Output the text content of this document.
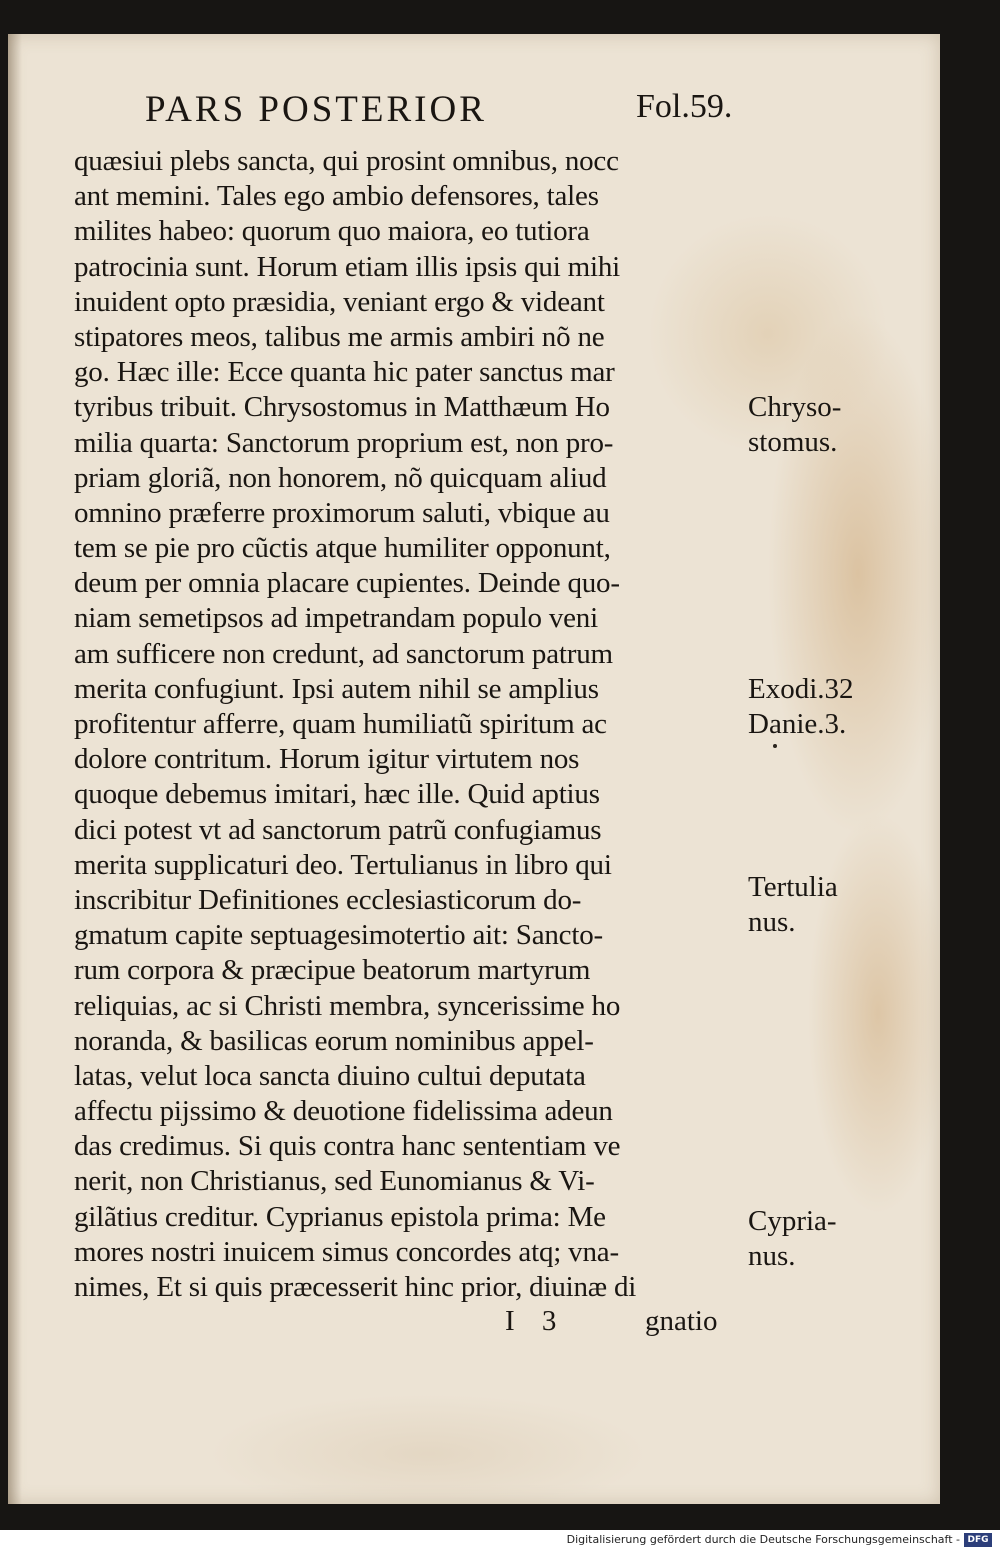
PARS POSTERIOR	Fol.59.
quæsiui plebs sancta, qui prosint omnibus, nocc
ant memini. Tales ego ambio defensores, tales
milites habeo: quorum quo maiora, eo tutiora
patrocinia sunt. Horum etiam illis ipsis qui mihi
inuident opto præsidia, veniant ergo & videant
stipatores meos, talibus me armis ambiri nõ ne
go. Hæc ille: Ecce quanta hic pater sanctus mar
tyribus tribuit. Chrysostomus in Matthæum Ho
milia quarta: Sanctorum proprium est, non pro-
priam gloriã, non honorem, nõ quicquam aliud
omnino præferre proximorum saluti, vbique au
tem se pie pro cũctis atque humiliter opponunt,
deum per omnia placare cupientes. Deinde quo-
niam semetipsos ad impetrandam populo veni
am sufficere non credunt, ad sanctorum patrum
merita confugiunt. Ipsi autem nihil se amplius
profitentur afferre, quam humiliatũ spiritum ac
dolore contritum. Horum igitur virtutem nos
quoque debemus imitari, hæc ille. Quid aptius
dici potest vt ad sanctorum patrũ confugiamus
merita supplicaturi deo. Tertulianus in libro qui
inscribitur Definitiones ecclesiasticorum do-
gmatum capite septuagesimotertio ait: Sancto-
rum corpora & præcipue beatorum martyrum
reliquias, ac si Christi membra, syncerissime ho
noranda, & basilicas eorum nominibus appel-
latas, velut loca sancta diuino cultui deputata
affectu pijssimo & deuotione fidelissima adeun
das credimus. Si quis contra hanc sententiam ve
nerit, non Christianus, sed Eunomianus & Vi-
gilãtius creditur. Cyprianus epistola prima: Me
mores nostri inuicem simus concordes atq; vna-
nimes, Et si quis præcesserit hinc prior, diuinæ di
Chryso-
stomus.
Exodi.32
Danie.3.
Tertulia
nus.
Cypria-
nus.
I 3	gnatio
Digitalisierung gefördert durch die Deutsche Forschungsgemeinschaft - DFG
